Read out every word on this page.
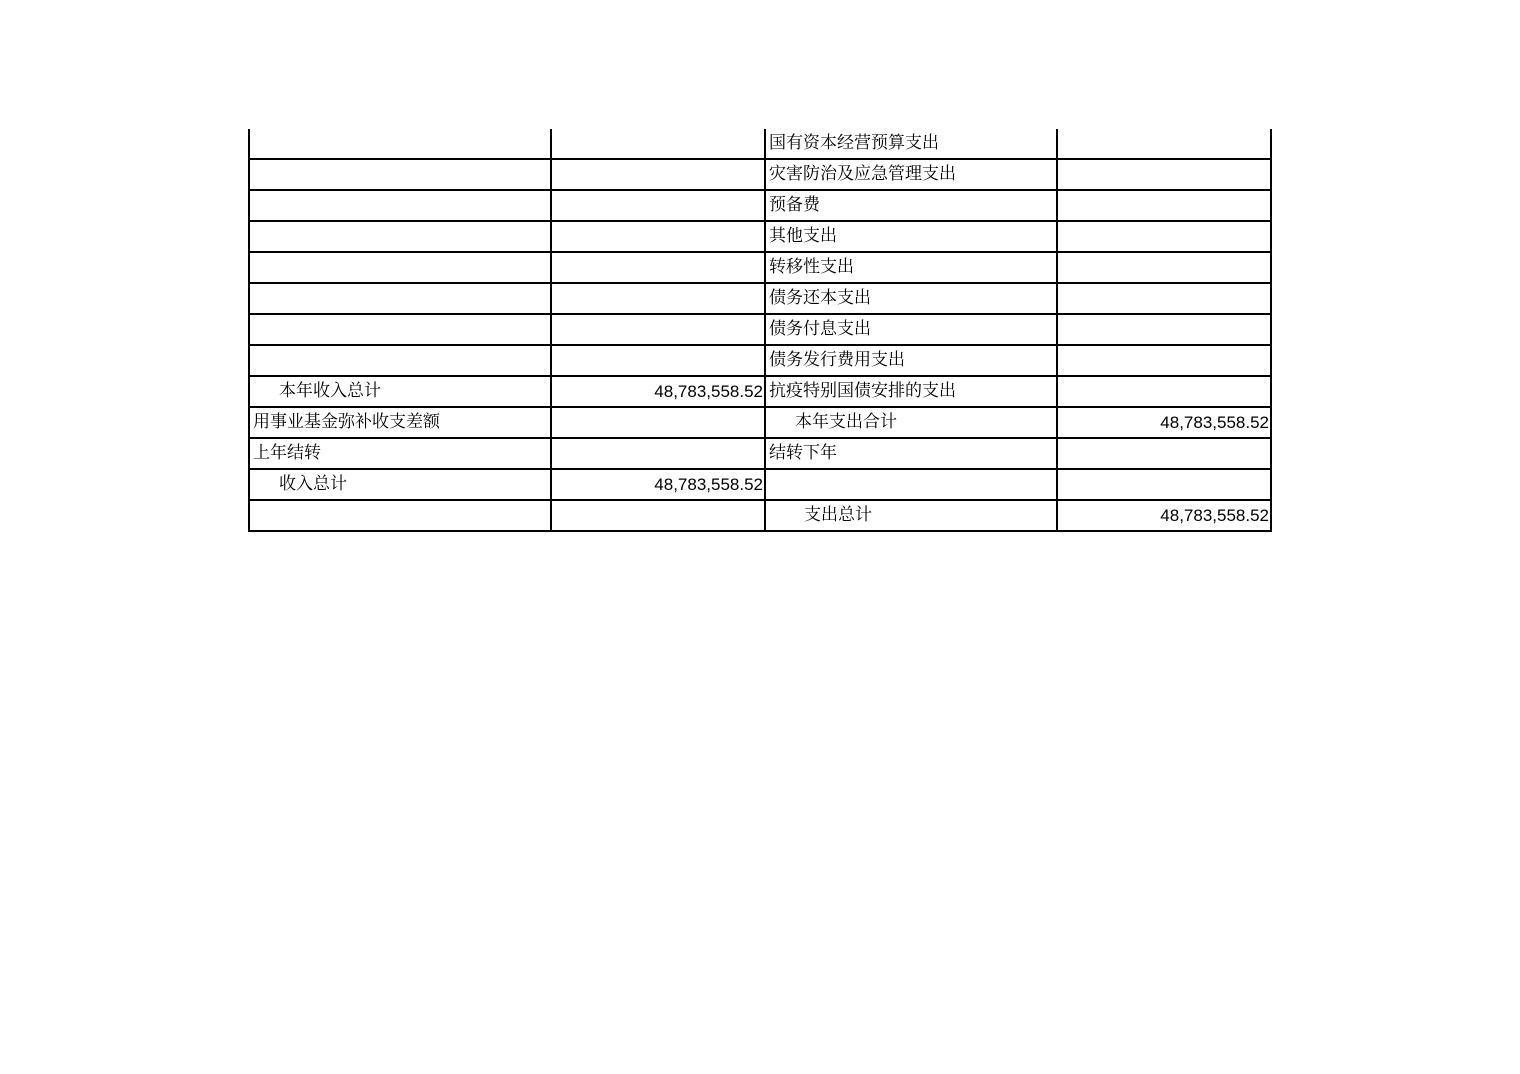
		国有资本经营预算支出	
		灾害防治及应急管理支出	
		预备费	
		其他支出	
		转移性支出	
		债务还本支出	
		债务付息支出	
		债务发行费用支出	
本年收入总计	48,783,558.52	抗疫特别国债安排的支出	
用事业基金弥补收支差额		本年支出合计	48,783,558.52
上年结转		结转下年	
收入总计	48,783,558.52		
		支出总计	48,783,558.52
